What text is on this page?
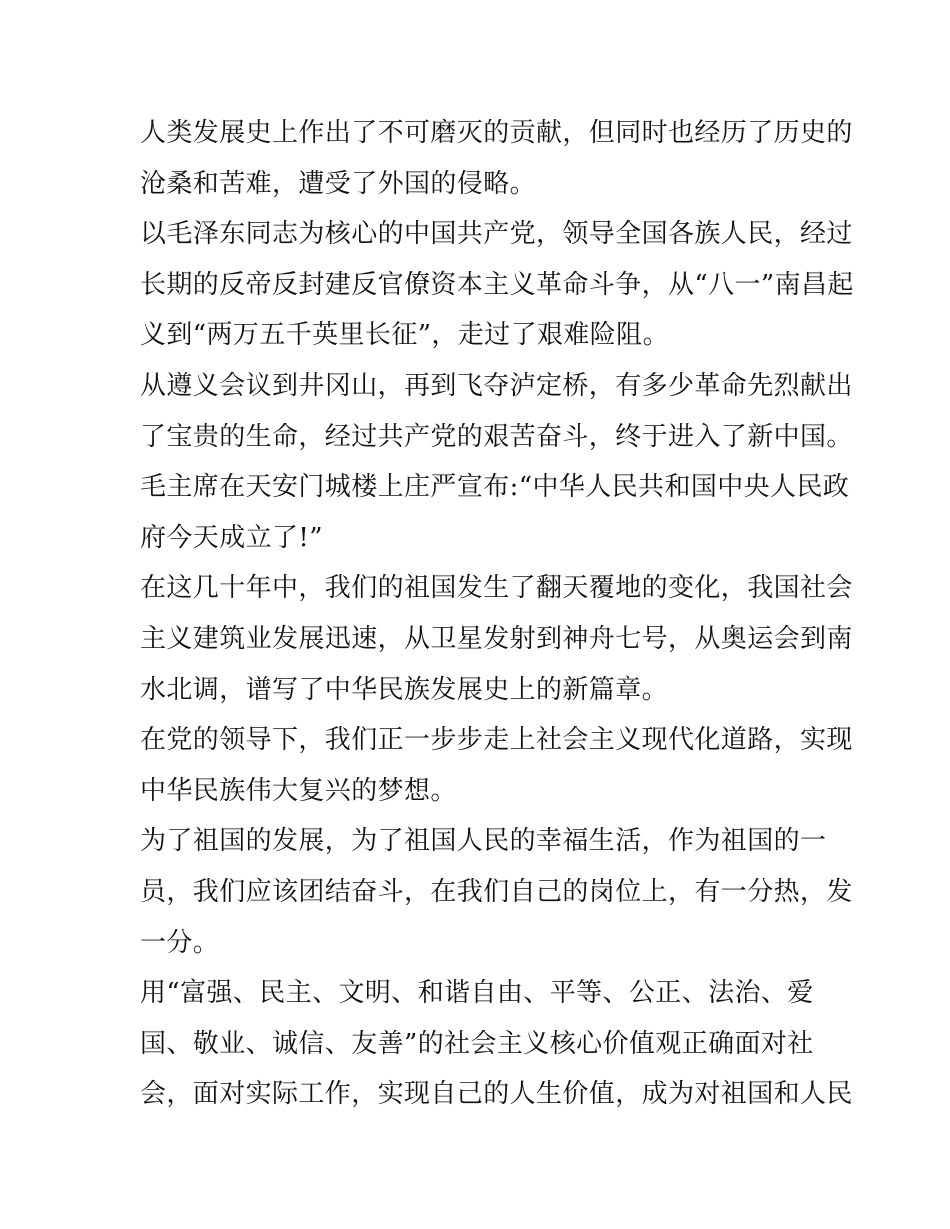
人类发展史上作出了不可磨灭的贡献，但同时也经历了历史的
沧桑和苦难，遭受了外国的侵略。
以毛泽东同志为核心的中国共产党，领导全国各族人民，经过
长期的反帝反封建反官僚资本主义革命斗争，从“八一”南昌起
义到“两万五千英里长征”，走过了艰难险阻。
从遵义会议到井冈山，再到飞夺泸定桥，有多少革命先烈献出
了宝贵的生命，经过共产党的艰苦奋斗，终于进入了新中国。
毛主席在天安门城楼上庄严宣布:“中华人民共和国中央人民政
府今天成立了!”
在这几十年中，我们的祖国发生了翻天覆地的变化，我国社会
主义建筑业发展迅速，从卫星发射到神舟七号，从奥运会到南
水北调，谱写了中华民族发展史上的新篇章。
在党的领导下，我们正一步步走上社会主义现代化道路，实现
中华民族伟大复兴的梦想。
为了祖国的发展，为了祖国人民的幸福生活，作为祖国的一
员，我们应该团结奋斗，在我们自己的岗位上，有一分热，发
一分。
用“富强、民主、文明、和谐自由、平等、公正、法治、爱
国、敬业、诚信、友善”的社会主义核心价值观正确面对社
会，面对实际工作，实现自己的人生价值，成为对祖国和人民
